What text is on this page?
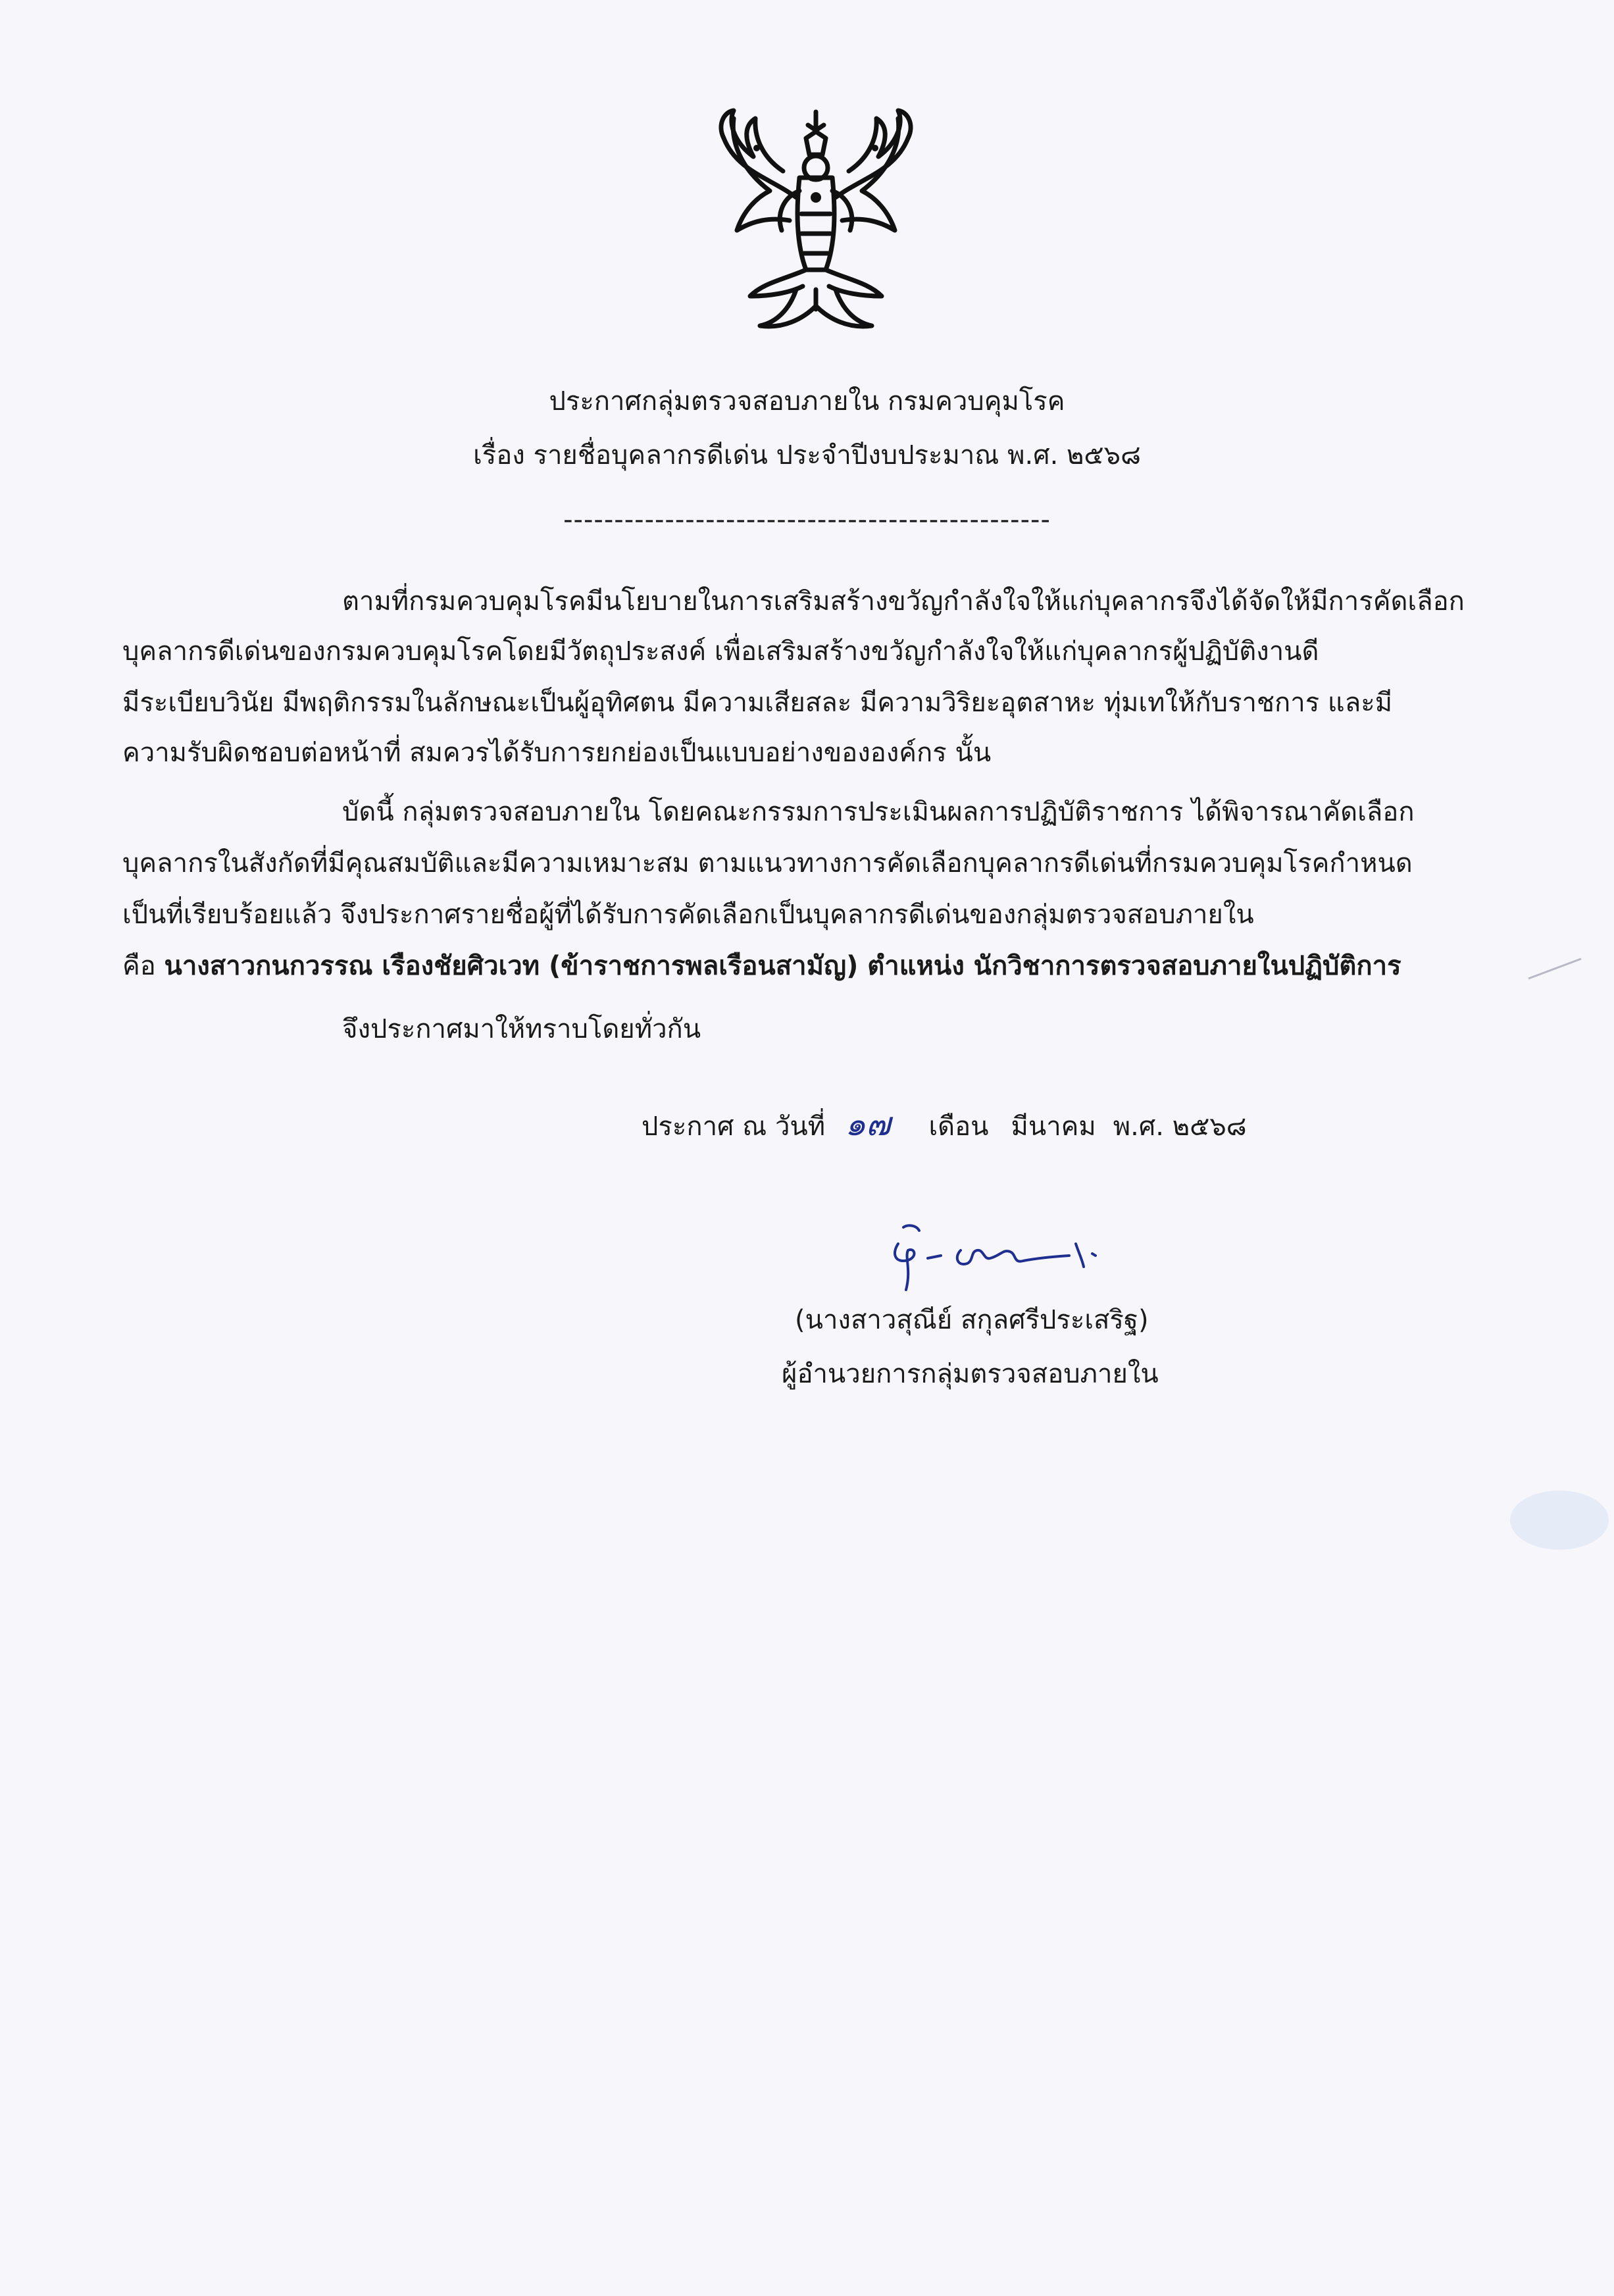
ประกาศกลุ่มตรวจสอบภายใน กรมควบคุมโรค
เรื่อง รายชื่อบุคลากรดีเด่น ประจำปีงบประมาณ พ.ศ. ๒๕๖๘
------------------------------------------------
ตามที่กรมควบคุมโรคมีนโยบายในการเสริมสร้างขวัญกำลังใจให้แก่บุคลากรจึงได้จัดให้มีการคัดเลือก
บุคลากรดีเด่นของกรมควบคุมโรคโดยมีวัตถุประสงค์ เพื่อเสริมสร้างขวัญกำลังใจให้แก่บุคลากรผู้ปฏิบัติงานดี
มีระเบียบวินัย มีพฤติกรรมในลักษณะเป็นผู้อุทิศตน มีความเสียสละ มีความวิริยะอุตสาหะ ทุ่มเทให้กับราชการ และมี
ความรับผิดชอบต่อหน้าที่ สมควรได้รับการยกย่องเป็นแบบอย่างขององค์กร นั้น
บัดนี้ กลุ่มตรวจสอบภายใน โดยคณะกรรมการประเมินผลการปฏิบัติราชการ ได้พิจารณาคัดเลือก
บุคลากรในสังกัดที่มีคุณสมบัติและมีความเหมาะสม ตามแนวทางการคัดเลือกบุคลากรดีเด่นที่กรมควบคุมโรคกำหนด
เป็นที่เรียบร้อยแล้ว จึงประกาศรายชื่อผู้ที่ได้รับการคัดเลือกเป็นบุคลากรดีเด่นของกลุ่มตรวจสอบภายใน
คือ นางสาวกนกวรรณ เรืองชัยศิวเวท (ข้าราชการพลเรือนสามัญ) ตำแหน่ง นักวิชาการตรวจสอบภายในปฏิบัติการ
จึงประกาศมาให้ทราบโดยทั่วกัน
ประกาศ ณ วันที่ ๑๗ เดือน มีนาคม พ.ศ. ๒๕๖๘
(นางสาวสุณีย์ สกุลศรีประเสริฐ)
ผู้อำนวยการกลุ่มตรวจสอบภายใน
